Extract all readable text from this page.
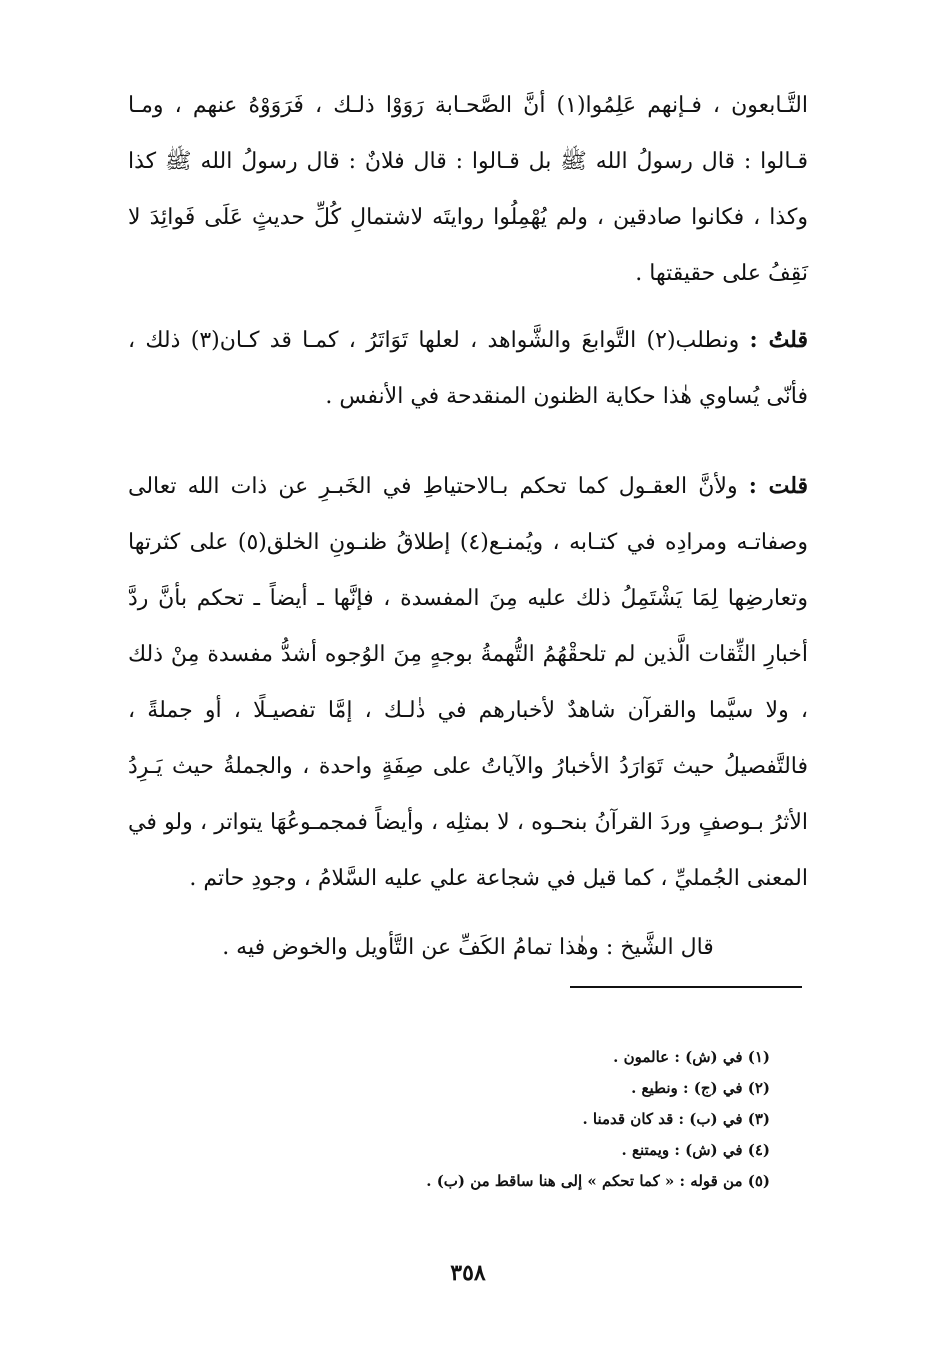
التَّـابعون ، فـإنهم عَلِمُوا(١) أنَّ الصَّحـابة رَوَوْا ذلـك ، فَرَوَوْهُ عنهم ، ومـا قـالوا : قال رسولُ الله ﷺ بل قـالوا : قال فلانٌ : قال رسولُ الله ﷺ كذا وكذا ، فكانوا صادقين ، ولم يُهْمِلُوا روايتَه لاشتمالِ كُلِّ حديثٍ عَلَى فَوائِدَ لا نَقِفُ على حقيقتها .

قلتُ : ونطلب(٢) التَّوابعَ والشَّواهد ، لعلها تَوَاتَرُ ، كمـا قد كـان(٣) ذلك ، فأنّى يُساوي هٰذا حكاية الظنون المنقدحة في الأنفس .

قلت : ولأنَّ العقـول كما تحكم بـالاحتياطِ في الخَبـرِ عن ذات الله تعالى وصفاتـه ومرادِه في كتـابه ، ويُمنـع(٤) إطلاقُ ظنـونِ الخلق(٥) على كثرتها وتعارضِها لِمَا يَشْتَمِلُ ذلك عليه مِنَ المفسدة ، فإنَّها ـ أيضاً ـ تحكم بأنَّ ردَّ أخبارِ الثِّقات الَّذين لم تلحقْهُمُ التُّهمةُ بوجهٍ مِنَ الوُجوه أشدُّ مفسدة مِنْ ذلك ، ولا سيَّما والقرآن شاهدٌ لأخبارهم في ذٰلـك ، إمَّا تفصيـلًا ، أو جملةً ، فالتَّفصيلُ حيث تَوَارَدُ الأخبارُ والآياتُ على صِفَةٍ واحدة ، والجملةُ حيث يَـرِدُ الأثرُ بـوصفٍ وردَ القرآنُ بنحـوه ، لا بمثلِه ، وأيضاً فمجمـوعُهَا يتواتر ، ولو في المعنى الجُمليِّ ، كما قيل في شجاعة علي عليه السَّلامُ ، وجودِ حاتم .

قال الشَّيخ : وهٰذا تمامُ الكَفِّ عن التَّأويل والخوض فيه .
(١) في (ش) : عالمون .
(٢) في (ج) : ونطيع .
(٣) في (ب) : قد كان قدمنا .
(٤) في (ش) : ويمتنع .
(٥) من قوله : « كما تحكم » إلى هنا ساقط من (ب) .
٣٥٨
